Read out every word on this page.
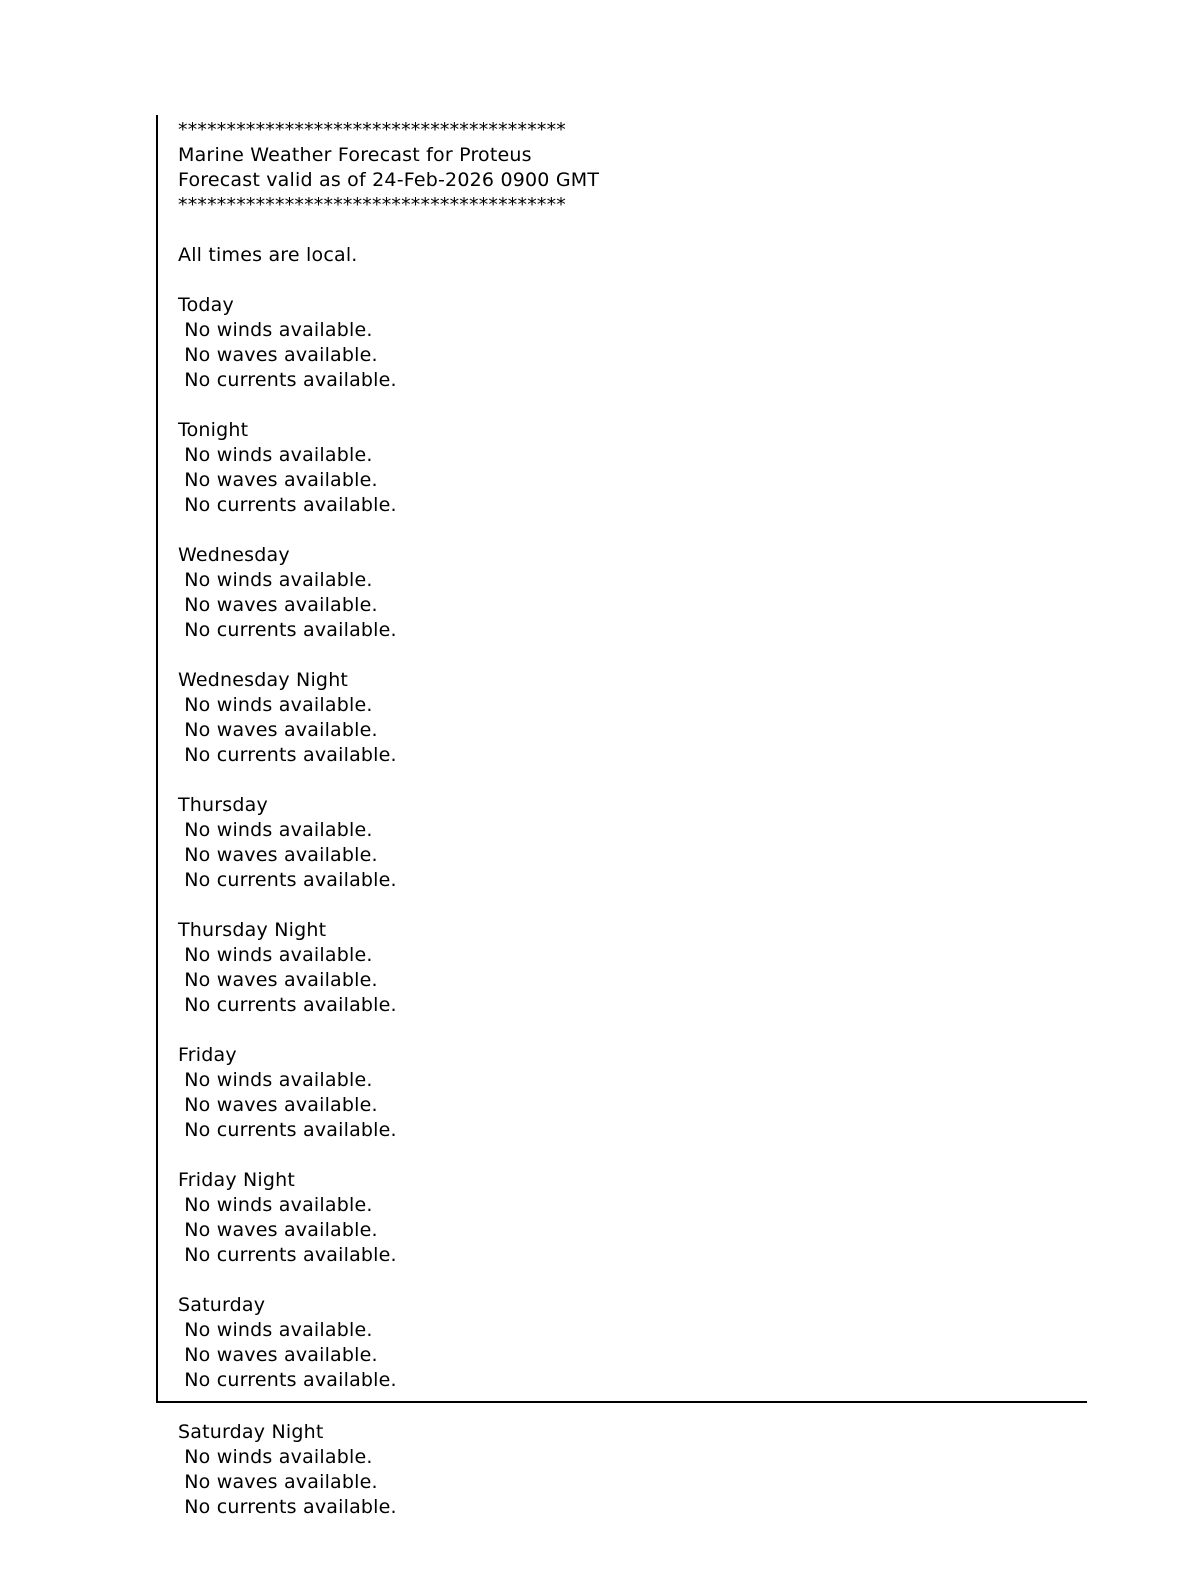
****************************************
Marine Weather Forecast for Proteus
Forecast valid as of 24-Feb-2026 0900 GMT
****************************************
All times are local.
Today
No winds available.
No waves available.
No currents available.
Tonight
No winds available.
No waves available.
No currents available.
Wednesday
No winds available.
No waves available.
No currents available.
Wednesday Night
No winds available.
No waves available.
No currents available.
Thursday
No winds available.
No waves available.
No currents available.
Thursday Night
No winds available.
No waves available.
No currents available.
Friday
No winds available.
No waves available.
No currents available.
Friday Night
No winds available.
No waves available.
No currents available.
Saturday
No winds available.
No waves available.
No currents available.
Saturday Night
No winds available.
No waves available.
No currents available.
